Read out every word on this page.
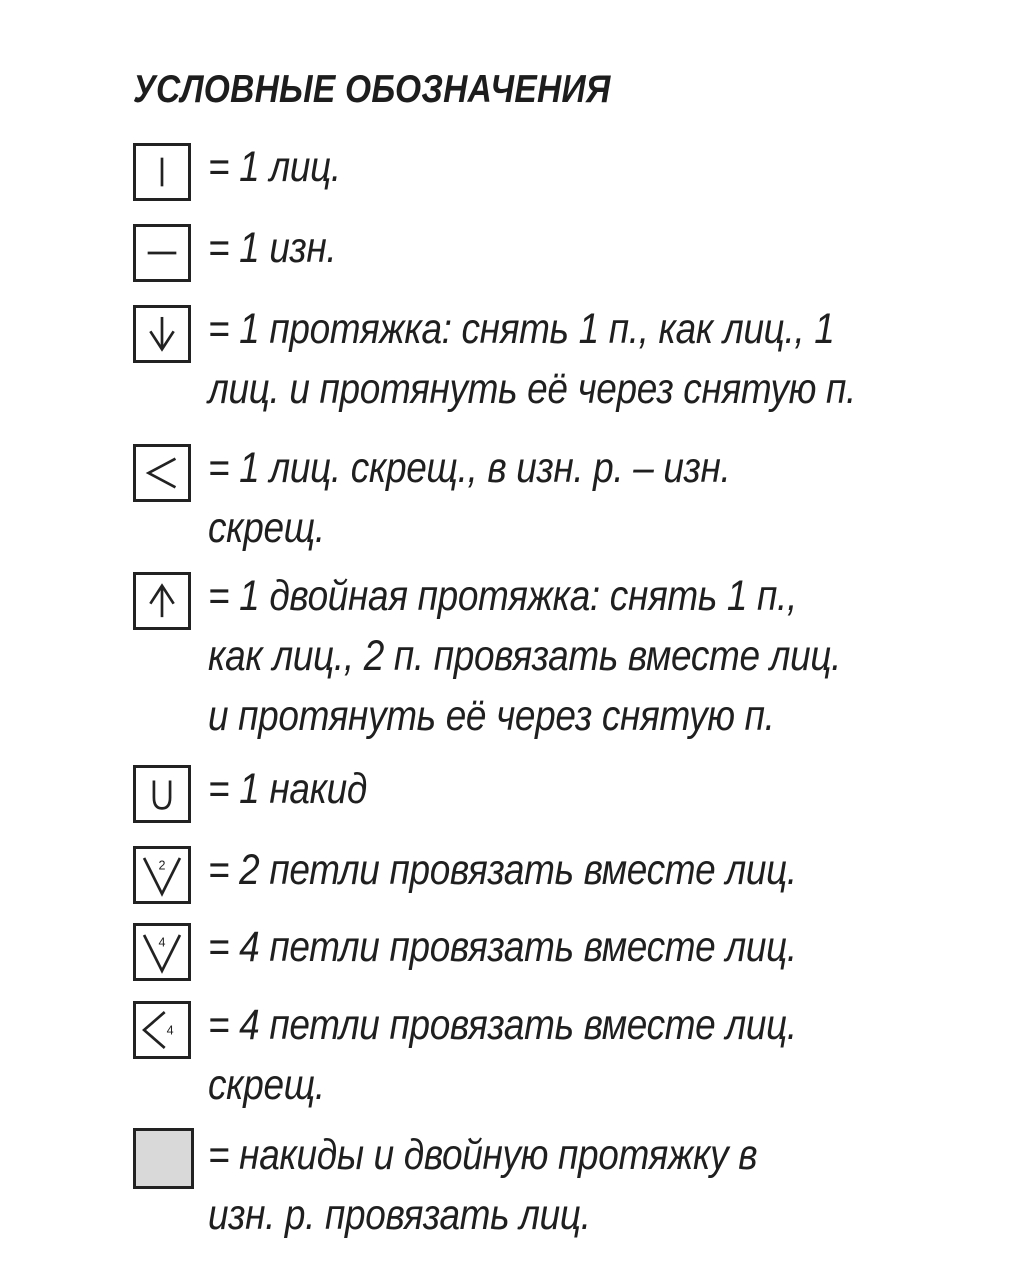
УСЛОВНЫЕ ОБОЗНАЧЕНИЯ

= 1 лиц.

= 1 изн.

= 1 протяжка: снять 1 п., как лиц., 1
лиц. и протянуть её через снятую п.

= 1 лиц. скрещ., в изн. р. – изн.
скрещ.

= 1 двойная протяжка: снять 1 п.,
как лиц., 2 п. провязать вместе лиц.
и протянуть её через снятую п.

= 1 накид

2 = 2 петли провязать вместе лиц.

4 = 4 петли провязать вместе лиц.

4 = 4 петли провязать вместе лиц.
скрещ.

= накиды и двойную протяжку в
изн. р. провязать лиц.
